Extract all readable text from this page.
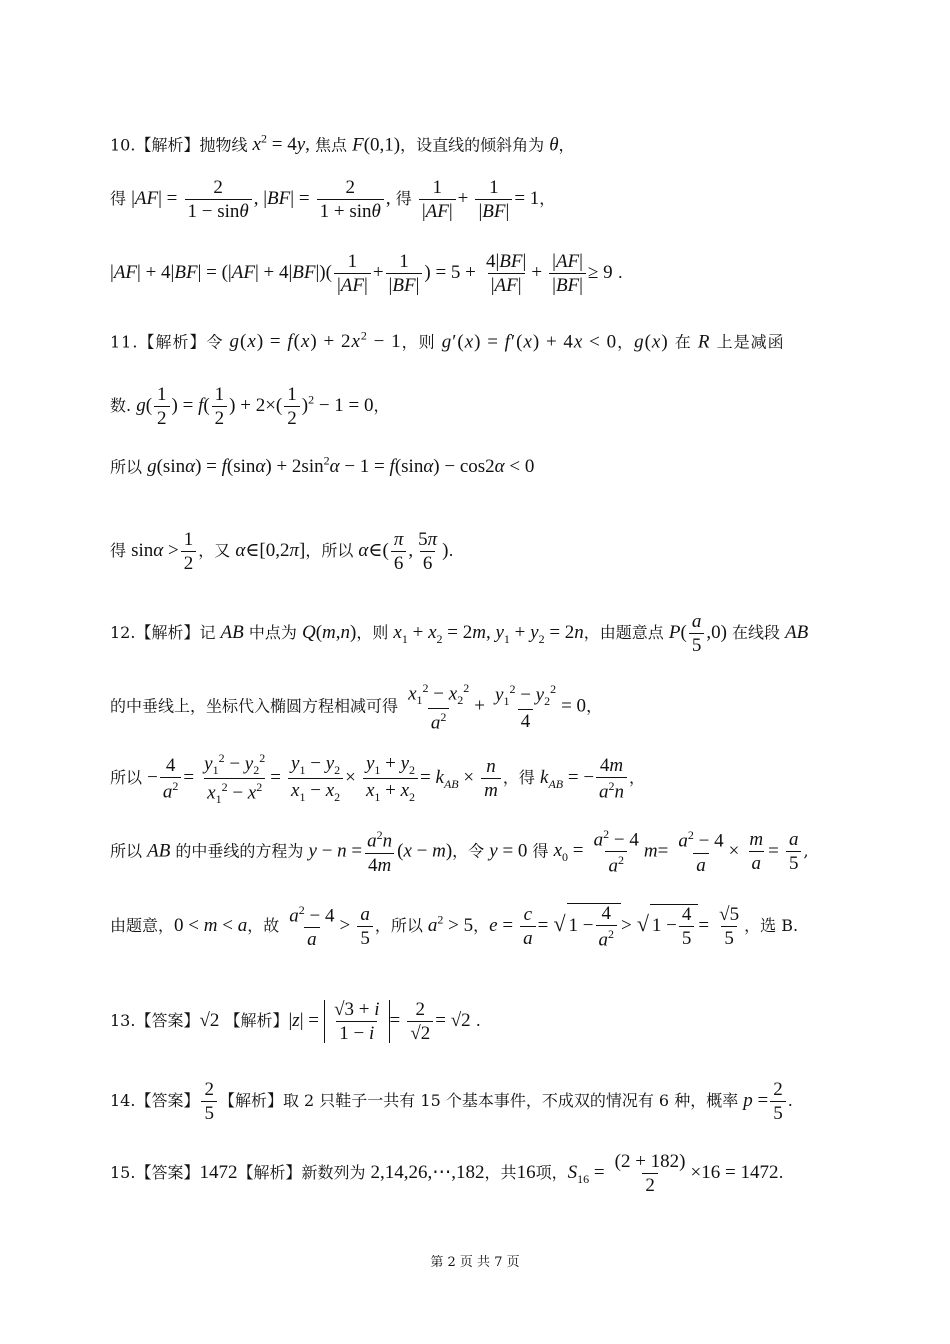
10.【解析】抛物线 $x^2 = 4y$, 焦点 F(0,1)，设直线的倾斜角为 θ，
得 $|AF| = \frac{2}{1 - \sin\theta}$ , $|BF| = \frac{2}{1 + \sin\theta}$ , 得 $\frac{1}{|AF|} + \frac{1}{|BF|} = 1$，
$|AF| + 4|BF| = (|AF| + 4|BF|)( \frac{1}{|AF|} + \frac{1}{|BF|}$ ) = $5 + \frac{4|BF|}{|AF|} + \frac{|AF|}{|BF|} \ge 9$ .
11.【解析】令 $g(x) = f(x) + 2x^2 - 1$，则 g′(x) = f′(x) + 4x < 0，g(x) 在 R 上是减函
数. $g( \frac{1}{2}$ ) = $f( \frac{1}{2}$ ) + $2\times( \frac{1}{2} )^2 - 1 = 0$，
所以 $g(\sin\alpha) = f(\sin\alpha) + 2\sin^2\alpha - 1 = f(\sin\alpha) - \cos 2\alpha < 0$
得 $\sin\alpha > \frac{1}{2}$ ，又 α∈[0,2π]，所以 α∈( $\frac{\pi}{6}$ , $\frac{5\pi}{6}$ ).
12.【解析】记 AB 中点为 Q(m,n)，则 $x_1 + x_2 = 2m$, $y_1 + y_2 = 2n$，由题意点 $P( \frac{a}{5} ,0)$ 在线段 AB
的中垂线上，坐标代入椭圆方程相减可得 $\frac{x_1^2 - x_2^2}{a^2} + \frac{y_1^2 - y_2^2}{4} = 0$，
所以 − $\frac{4}{a^2} = \frac{y_1^2 - y_2^2}{x_1^2 - x^2} = \frac{y_1 - y_2}{x_1 - x_2} \times \frac{y_1 + y_2}{x_1 + x_2} = k_{AB} \times \frac{n}{m}$ ，得 $k_{AB}$ = − $\frac{4m}{a^2n}$ ，
所以 AB 的中垂线的方程为 $y - n = \frac{a^2n}{4m} (x - m)$，令 y = 0 得 $x_0 = \frac{a^2 - 4}{a^2} m= \frac{a^2 - 4}{a} \times \frac{m}{a} = \frac{a}{5}$ ,
由题意，0 < m < a，故 $\frac{a^2 - 4}{a} > \frac{a}{5}$ ，所以 $a^2 > 5$，$e = \frac{c}{a}$ = √ $1 - \frac{4}{a^2}$ > √ $1 - \frac{4}{5} = \frac{√5}{5}$ ，选 B.
13.【答案】√2 【解析】$|z| = \frac{√3 + i}{1 - i} = \frac{2}{√2} = √2$ .
14.【答案】 $\frac{2}{5}$ 【解析】取 2 只鞋子一共有 15 个基本事件，不成双的情况有 6 种，概率 $p = \frac{2}{5}$ .
15.【答案】1472【解析】新数列为 2,14,26,⋯,182，共16项，$S_{16} = \frac{(2 + 182)}{2} \times 16 = 1472$.
第 2 页 共 7 页
